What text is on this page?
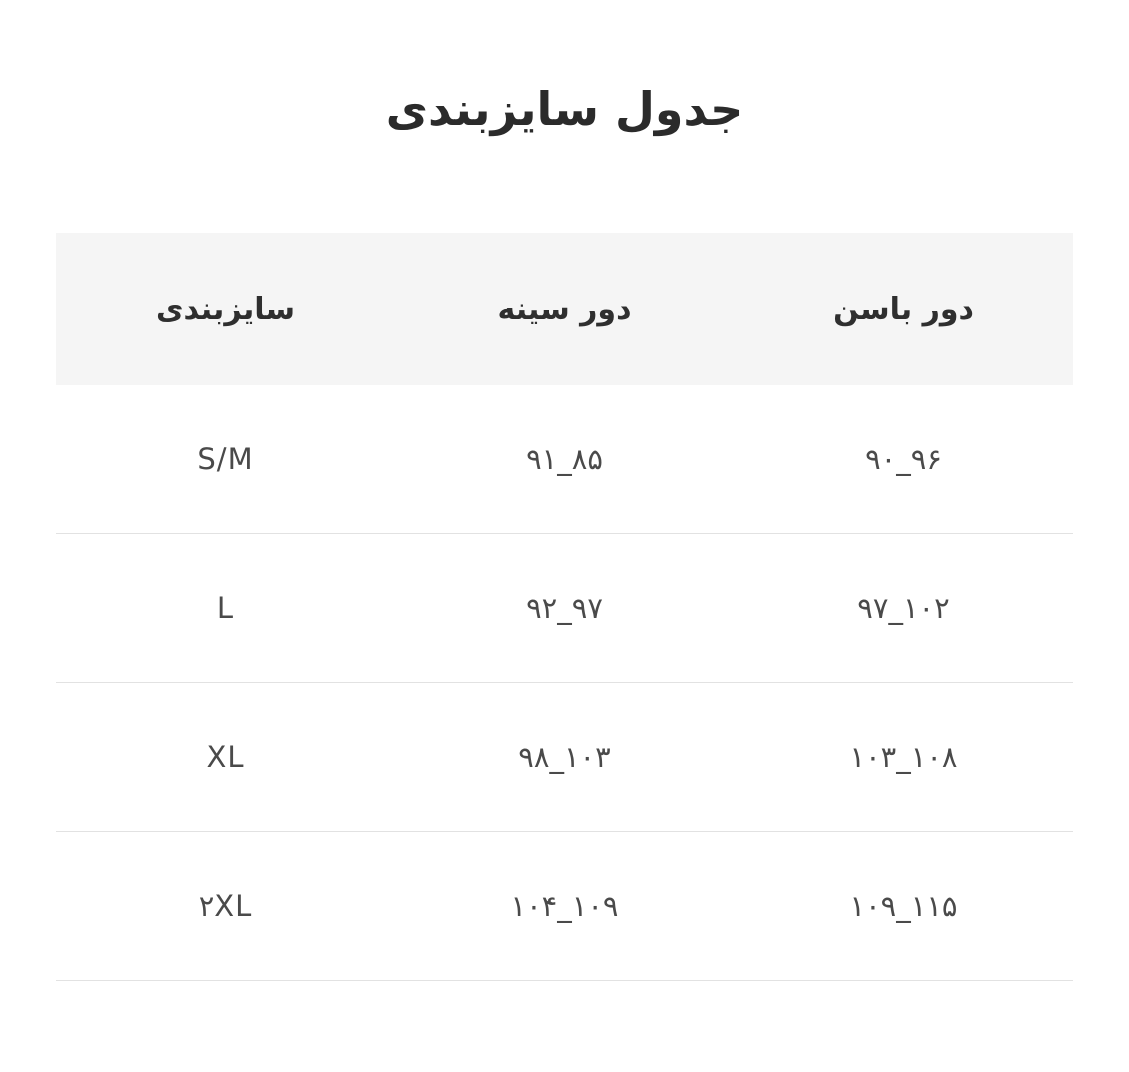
جدول سایزبندی
دور باسن	دور سینه	سایزبندی
۹۶_۹۰	۸۵_۹۱	S/M
۱۰۲_۹۷	۹۷_۹۲	L
۱۰۸_۱۰۳	۱۰۳_۹۸	XL
۱۱۵_۱۰۹	۱۰۹_۱۰۴	۲XL
